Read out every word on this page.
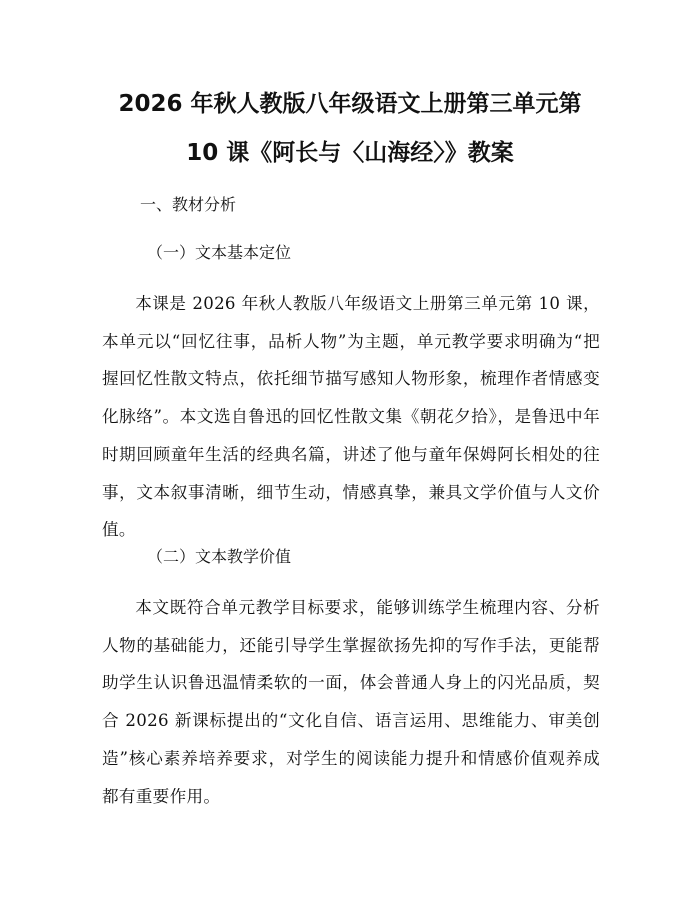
2026 年秋人教版八年级语文上册第三单元第
10 课《阿长与〈山海经〉》教案
一、教材分析
（一）文本基本定位

本课是 2026 年秋人教版八年级语文上册第三单元第 10 课，本单元以“回忆往事，品析人物”为主题，单元教学要求明确为“把握回忆性散文特点，依托细节描写感知人物形象，梳理作者情感变化脉络”。本文选自鲁迅的回忆性散文集《朝花夕拾》，是鲁迅中年时期回顾童年生活的经典名篇，讲述了他与童年保姆阿长相处的往事，文本叙事清晰，细节生动，情感真挚，兼具文学价值与人文价值。

（二）文本教学价值

本文既符合单元教学目标要求，能够训练学生梳理内容、分析人物的基础能力，还能引导学生掌握欲扬先抑的写作手法，更能帮助学生认识鲁迅温情柔软的一面，体会普通人身上的闪光品质，契合 2026 新课标提出的“文化自信、语言运用、思维能力、审美创造”核心素养培养要求，对学生的阅读能力提升和情感价值观养成都有重要作用。
